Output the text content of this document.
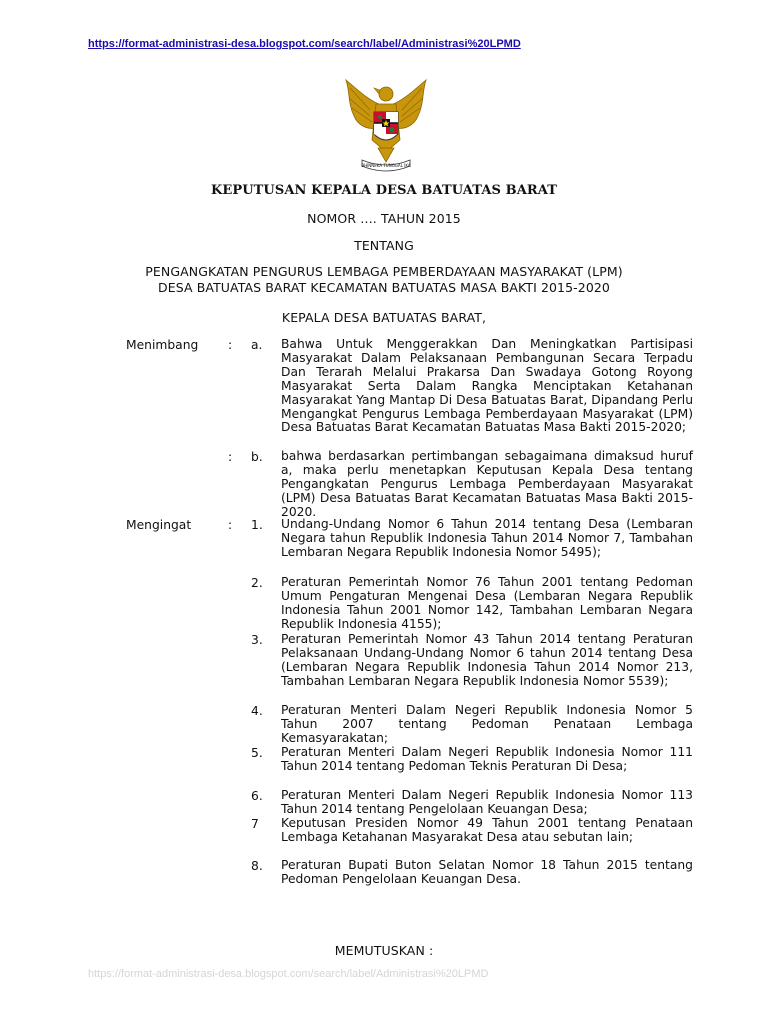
https://format-administrasi-desa.blogspot.com/search/label/Administrasi%20LPMD
BHINNEKA TUNGGAL IKA
KEPUTUSAN KEPALA DESA BATUATAS BARAT
NOMOR …. TAHUN 2015
TENTANG
PENGANGKATAN PENGURUS LEMBAGA PEMBERDAYAAN MASYARAKAT (LPM)
DESA BATUATAS BARAT KECAMATAN BATUATAS MASA BAKTI 2015-2020
KEPALA DESA BATUATAS BARAT,
Menimbang : a. Bahwa Untuk Menggerakkan Dan Meningkatkan Partisipasi Masyarakat Dalam Pelaksanaan Pembangunan Secara Terpadu Dan Terarah Melalui Prakarsa Dan Swadaya Gotong Royong Masyarakat Serta Dalam Rangka Menciptakan Ketahanan Masyarakat Yang Mantap Di Desa Batuatas Barat, Dipandang Perlu Mengangkat Pengurus Lembaga Pemberdayaan Masyarakat (LPM) Desa Batuatas Barat Kecamatan Batuatas Masa Bakti 2015-2020;
: b. bahwa berdasarkan pertimbangan sebagaimana dimaksud huruf a, maka perlu menetapkan Keputusan Kepala Desa tentang Pengangkatan Pengurus Lembaga Pemberdayaan Masyarakat (LPM) Desa Batuatas Barat Kecamatan Batuatas Masa Bakti 2015-2020.
Mengingat	: 1. Undang-Undang Nomor 6 Tahun 2014 tentang Desa (Lembaran Negara tahun Republik Indonesia Tahun 2014 Nomor 7, Tambahan Lembaran Negara Republik Indonesia Nomor 5495);
2. Peraturan Pemerintah Nomor 76 Tahun 2001 tentang Pedoman Umum Pengaturan Mengenai Desa (Lembaran Negara Republik Indonesia Tahun 2001 Nomor 142, Tambahan Lembaran Negara Republik Indonesia 4155);
3. Peraturan Pemerintah Nomor 43 Tahun 2014 tentang Peraturan Pelaksanaan Undang-Undang Nomor 6 tahun 2014 tentang Desa (Lembaran Negara Republik Indonesia Tahun 2014 Nomor 213, Tambahan Lembaran Negara Republik Indonesia Nomor 5539);
4. Peraturan Menteri Dalam Negeri Republik Indonesia Nomor 5 Tahun 2007 tentang Pedoman Penataan Lembaga Kemasyarakatan;
5. Peraturan Menteri Dalam Negeri Republik Indonesia Nomor 111 Tahun 2014 tentang Pedoman Teknis Peraturan Di Desa;
6. Peraturan Menteri Dalam Negeri Republik Indonesia Nomor 113 Tahun 2014 tentang Pengelolaan Keuangan Desa;
7 Keputusan Presiden Nomor 49 Tahun 2001 tentang Penataan Lembaga Ketahanan Masyarakat Desa atau sebutan lain;
8. Peraturan Bupati Buton Selatan Nomor 18 Tahun 2015 tentang Pedoman Pengelolaan Keuangan Desa.
MEMUTUSKAN :
https://format-administrasi-desa.blogspot.com/search/label/Administrasi%20LPMD
